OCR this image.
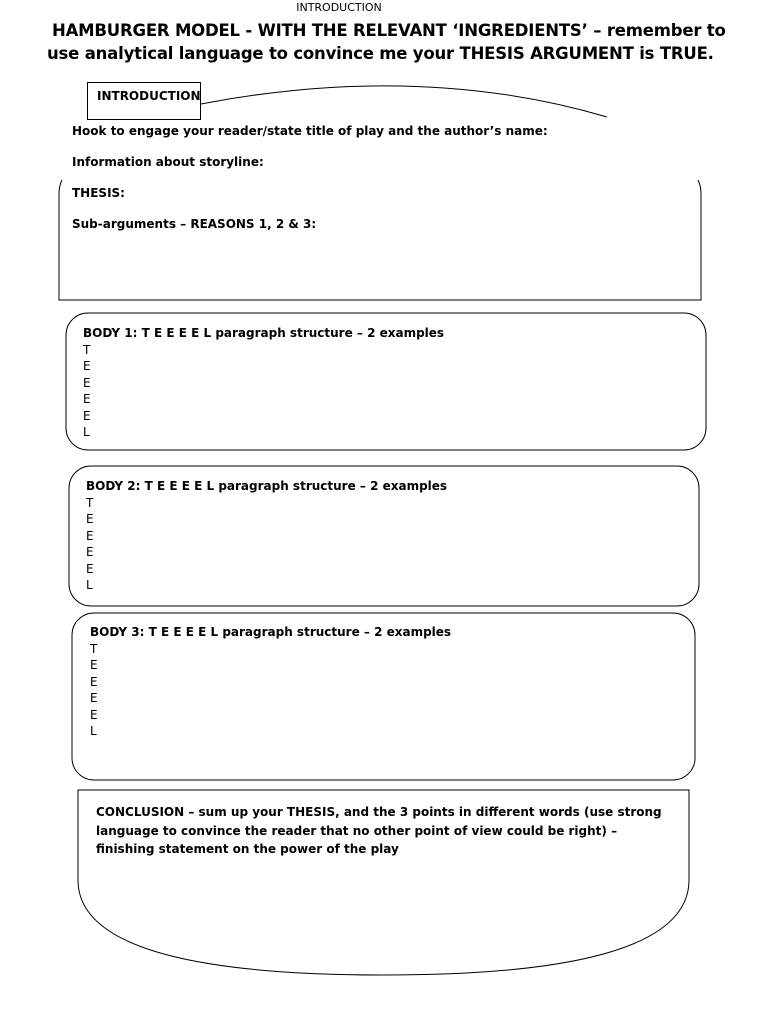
INTRODUCTION
HAMBURGER MODEL - WITH THE RELEVANT ‘INGREDIENTS’ – remember to
use analytical language to convince me your THESIS ARGUMENT is TRUE.
INTRODUCTION
Hook to engage your reader/state title of play and the author’s name:
Information about storyline:
THESIS:
Sub-arguments – REASONS 1, 2 & 3:
BODY 1: T E E E E L paragraph structure – 2 examples
T
E
E
E
E
L
BODY 2: T E E E E L paragraph structure – 2 examples
T
E
E
E
E
L
BODY 3: T E E E E L paragraph structure – 2 examples
T
E
E
E
E
L
CONCLUSION – sum up your THESIS, and the 3 points in different words (use strong language to convince the reader that no other point of view could be right) – finishing statement on the power of the play
